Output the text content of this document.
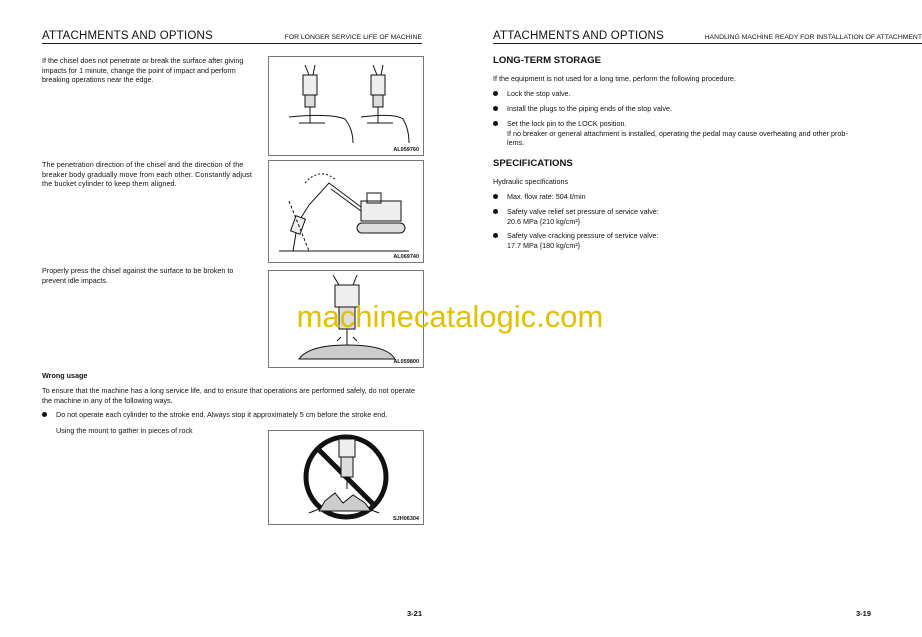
ATTACHMENTS AND OPTIONS	FOR LONGER SERVICE LIFE OF MACHINE
If the chisel does not penetrate or break the surface after giving impacts for 1 minute, change the point of impact and perform breaking operations near the edge.
AL059760
The penetration direction of the chisel and the direction of the breaker body gradually move from each other. Constantly adjust the bucket cylinder to keep them aligned.
AL069740
Properly press the chisel against the surface to be broken to prevent idle impacts.
AL059800
Wrong usage
To ensure that the machine has a long service life, and to ensure that operations are performed safely, do not operate the machine in any of the following ways.
Do not operate each cylinder to the stroke end. Always stop it approximately 5 cm before the stroke end.
Using the mount to gather in pieces of rock
SJH06304
3-21
ATTACHMENTS AND OPTIONS	HANDLING MACHINE READY FOR INSTALLATION OF ATTACHMENT
LONG-TERM STORAGE
If the equipment is not used for a long time, perform the following procedure.
Lock the stop valve.
Install the plugs to the piping ends of the stop valve.
Set the lock pin to the LOCK position.
If no breaker or general attachment is installed, operating the pedal may cause overheating and other prob-
lems.
SPECIFICATIONS
Hydraulic specifications
Max. flow rate: 504 ℓ/min
Safety valve relief set pressure of service valve:
20.6 MPa {210 kg/cm²}
Safety valve cracking pressure of service valve:
17.7 MPa {180 kg/cm²}
3-19
machinecatalogic.com
